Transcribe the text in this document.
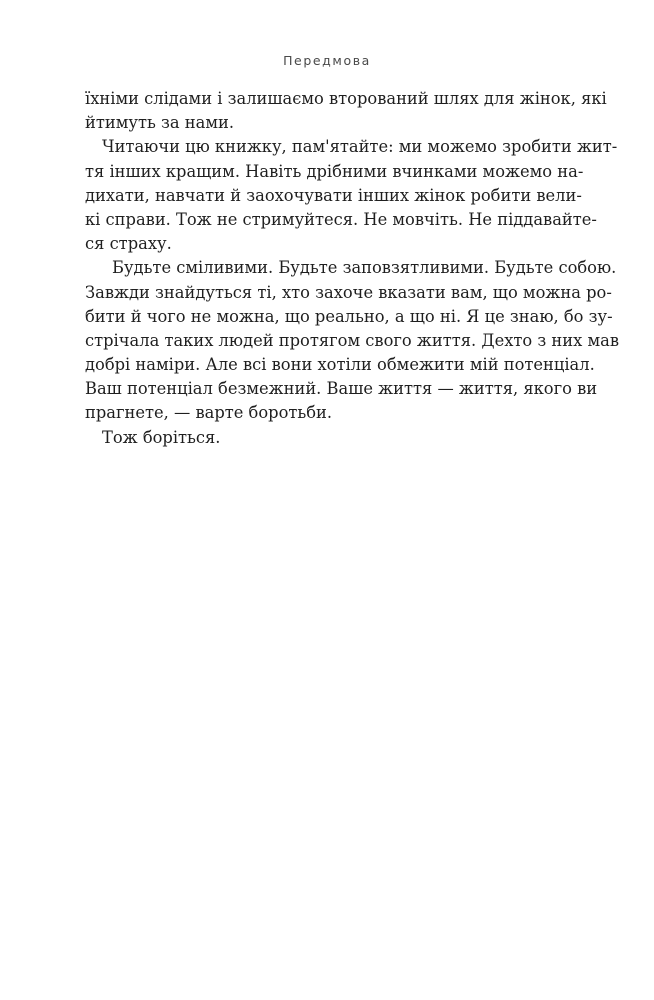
Передмова
їхніми слідами і залишаємо вторований шлях для жінок, які
йтимуть за нами.
Читаючи цю книжку, пам'ятайте: ми можемо зробити жит-
тя інших кращим. Навіть дрібними вчинками можемо на-
дихати, навчати й заохочувати інших жінок робити вели-
кі справи. Тож не стримуйтеся. Не мовчіть. Не піддавайте-
ся страху.
Будьте сміливими. Будьте заповзятливими. Будьте собою.
Завжди знайдуться ті, хто захоче вказати вам, що можна ро-
бити й чого не можна, що реально, а що ні. Я це знаю, бо зу-
стрічала таких людей протягом свого життя. Дехто з них мав
добрі наміри. Але всі вони хотіли обмежити мій потенціал.
Ваш потенціал безмежний. Ваше життя — життя, якого ви
прагнете, — варте боротьби.
Тож боріться.
